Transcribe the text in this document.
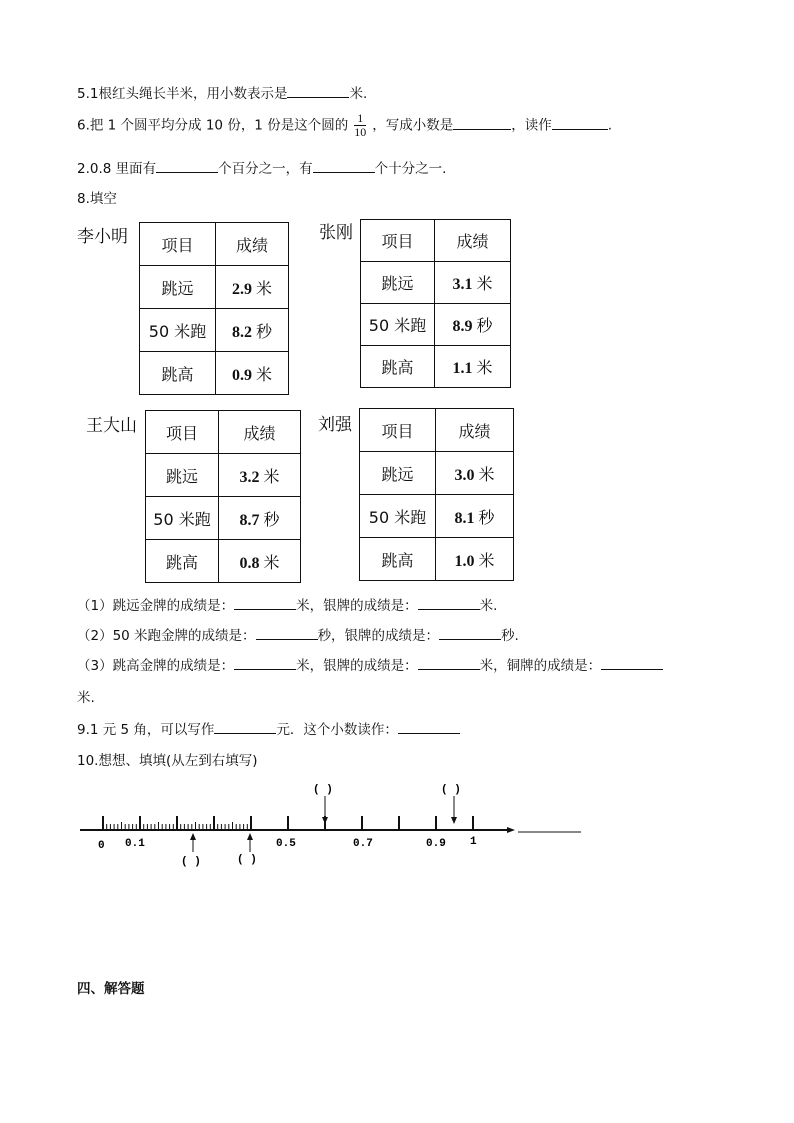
5.1根红头绳长半米，用小数表示是	米.
6.把 1 个圆平均分成 10 份，1 份是这个圆的 $\frac{1}{10}$ ，写成小数是	，读作	.
2.0.8 里面有	个百分之一，有	个十分之一.
8.填空
李小明 项目	成绩
跳远	2.9 米
50 米跑	8.2 秒
跳高	0.9 米
张刚 项目	成绩
跳远	3.1 米
50 米跑	8.9 秒
跳高	1.1 米
王大山 项目	成绩
跳远	3.2 米
50 米跑	8.7 秒
跳高	0.8 米
刘强 项目	成绩
跳远	3.0 米
50 米跑	8.1 秒
跳高	1.0 米
（1）跳远金牌的成绩是：	米，银牌的成绩是：	米.
（2）50 米跑金牌的成绩是：	秒，银牌的成绩是：	秒.
（3）跳高金牌的成绩是：	米，银牌的成绩是：	米，铜牌的成绩是：
米.
9.1 元 5 角，可以写作	元．这个小数读作：
10.想想、填填(从左到右填写)
0 0.1	0.5	0.7	0.9 1
( )	( )
( )	( )
四、解答题
